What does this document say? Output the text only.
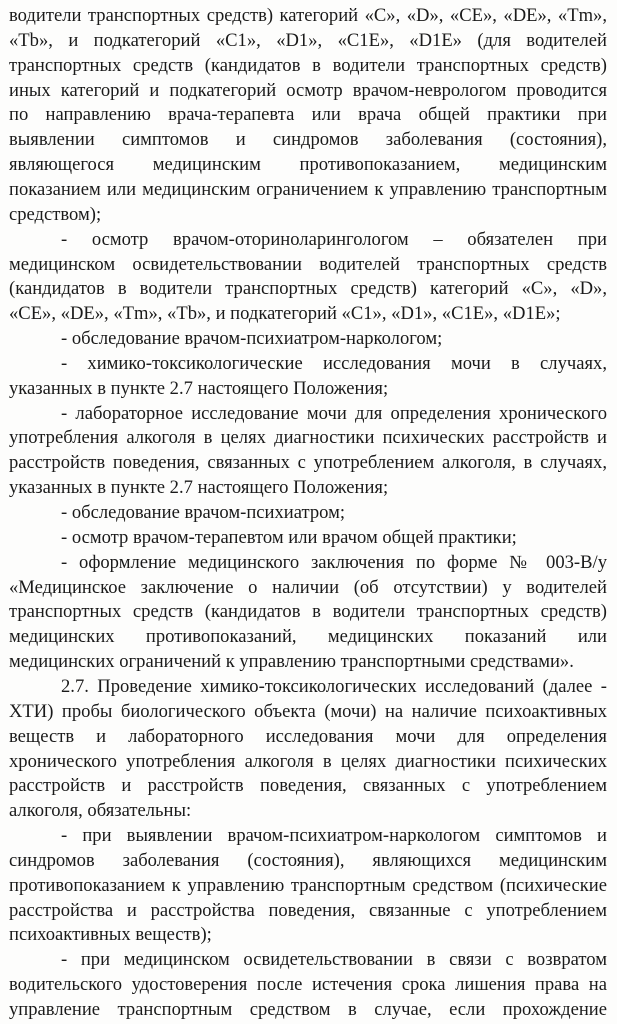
водители транспортных средств) категорий «C», «D», «CE», «DE», «Tm»,
«Tb», и подкатегорий «C1», «D1», «C1E», «D1E» (для водителей
транспортных средств (кандидатов в водители транспортных средств)
иных категорий и подкатегорий осмотр врачом-неврологом проводится
по направлению врача-терапевта или врача общей практики при
выявлении симптомов и синдромов заболевания (состояния),
являющегося медицинским противопоказанием, медицинским
показанием или медицинским ограничением к управлению транспортным
средством);
- осмотр врачом-оториноларингологом – обязателен при
медицинском освидетельствовании водителей транспортных средств
(кандидатов в водители транспортных средств) категорий «C», «D»,
«CE», «DE», «Tm», «Tb», и подкатегорий «C1», «D1», «C1E», «D1E»;
- обследование врачом-психиатром-наркологом;
- химико-токсикологические исследования мочи в случаях,
указанных в пункте 2.7 настоящего Положения;
- лабораторное исследование мочи для определения хронического
употребления алкоголя в целях диагностики психических расстройств и
расстройств поведения, связанных с употреблением алкоголя, в случаях,
указанных в пункте 2.7 настоящего Положения;
- обследование врачом-психиатром;
- осмотр врачом-терапевтом или врачом общей практики;
- оформление медицинского заключения по форме № 003-В/у
«Медицинское заключение о наличии (об отсутствии) у водителей
транспортных средств (кандидатов в водители транспортных средств)
медицинских противопоказаний, медицинских показаний или
медицинских ограничений к управлению транспортными средствами».
2.7. Проведение химико-токсикологических исследований (далее -
ХТИ) пробы биологического объекта (мочи) на наличие психоактивных
веществ и лабораторного исследования мочи для определения
хронического употребления алкоголя в целях диагностики психических
расстройств и расстройств поведения, связанных с употреблением
алкоголя, обязательны:
- при выявлении врачом-психиатром-наркологом симптомов и
синдромов заболевания (состояния), являющихся медицинским
противопоказанием к управлению транспортным средством (психические
расстройства и расстройства поведения, связанные с употреблением
психоактивных веществ);
- при медицинском освидетельствовании в связи с возвратом
водительского удостоверения после истечения срока лишения права на
управление транспортным средством в случае, если прохождение
